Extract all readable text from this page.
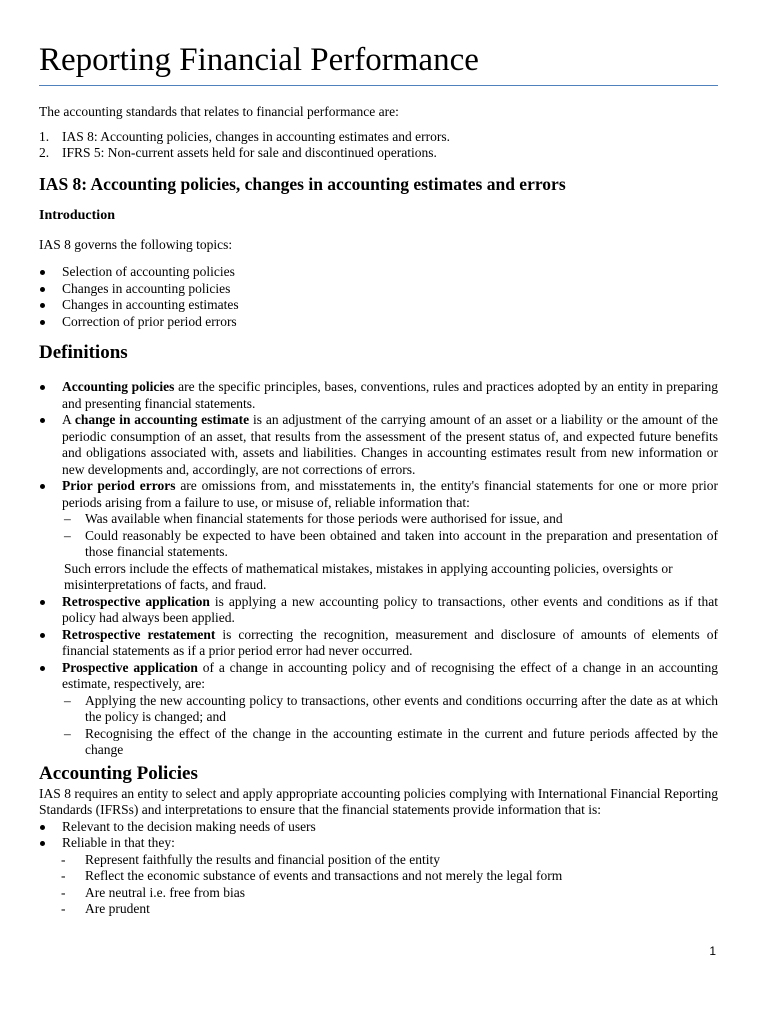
Reporting Financial Performance

The accounting standards that relates to financial performance are:

1. IAS 8: Accounting policies, changes in accounting estimates and errors.
2. IFRS 5: Non-current assets held for sale and discontinued operations.

IAS 8: Accounting policies, changes in accounting estimates and errors

Introduction

IAS 8 governs the following topics:

Selection of accounting policies
Changes in accounting policies
Changes in accounting estimates
Correction of prior period errors

Definitions

Accounting policies are the specific principles, bases, conventions, rules and practices adopted by an entity in preparing and presenting financial statements.
A change in accounting estimate is an adjustment of the carrying amount of an asset or a liability or the amount of the periodic consumption of an asset, that results from the assessment of the present status of, and expected future benefits and obligations associated with, assets and liabilities. Changes in accounting estimates result from new information or new developments and, accordingly, are not corrections of errors.
Prior period errors are omissions from, and misstatements in, the entity's financial statements for one or more prior periods arising from a failure to use, or misuse of, reliable information that:
– Was available when financial statements for those periods were authorised for issue, and
– Could reasonably be expected to have been obtained and taken into account in the preparation and presentation of those financial statements.

Such errors include the effects of mathematical mistakes, mistakes in applying accounting policies, oversights or misinterpretations of facts, and fraud.

Retrospective application is applying a new accounting policy to transactions, other events and conditions as if that policy had always been applied.
Retrospective restatement is correcting the recognition, measurement and disclosure of amounts of elements of financial statements as if a prior period error had never occurred.
Prospective application of a change in accounting policy and of recognising the effect of a change in an accounting estimate, respectively, are:
– Applying the new accounting policy to transactions, other events and conditions occurring after the date as at which the policy is changed; and
– Recognising the effect of the change in the accounting estimate in the current and future periods affected by the change

Accounting Policies

IAS 8 requires an entity to select and apply appropriate accounting policies complying with International Financial Reporting Standards (IFRSs) and interpretations to ensure that the financial statements provide information that is:

Relevant to the decision making needs of users
Reliable in that they:
- Represent faithfully the results and financial position of the entity
- Reflect the economic substance of events and transactions and not merely the legal form
- Are neutral i.e. free from bias
- Are prudent
1
